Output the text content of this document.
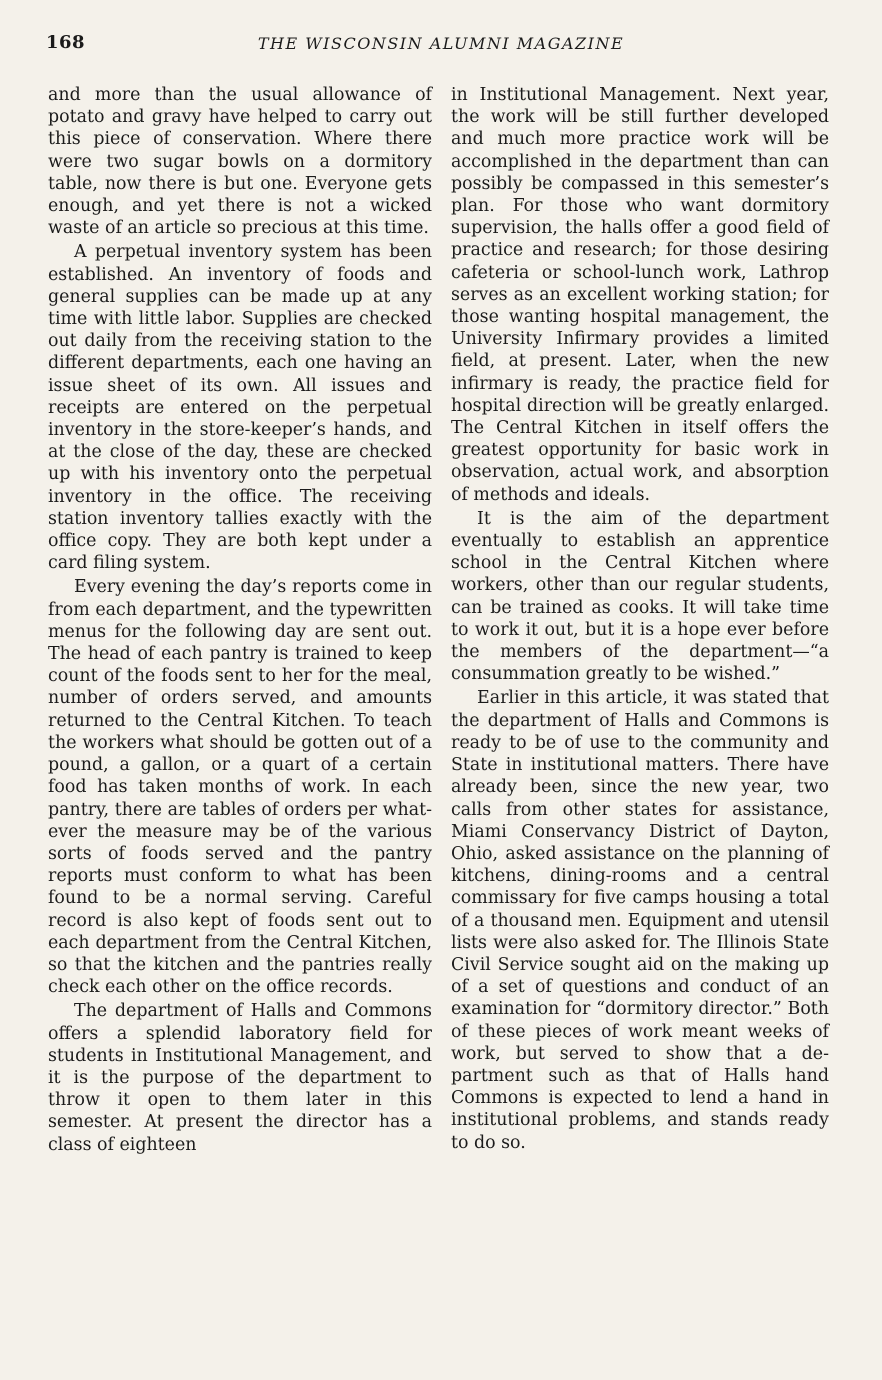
168	THE WISCONSIN ALUMNI MAGAZINE

and more than the usual allowance of potato and gravy have helped to carry out this piece of conservation. Where there were two sugar bowls on a dormitory table, now there is but one. Everyone gets enough, and yet there is not a wicked waste of an article so precious at this time.

A perpetual inventory system has been established. An inventory of foods and general supplies can be made up at any time with little labor. Supplies are checked out daily from the receiving station to the different departments, each one having an issue sheet of its own. All issues and receipts are entered on the perpetual inventory in the store-keeper’s hands, and at the close of the day, these are checked up with his inventory onto the perpetual inventory in the office. The receiving station inventory tallies exactly with the office copy. They are both kept under a card filing system.

Every evening the day’s reports come in from each department, and the typewritten menus for the following day are sent out. The head of each pantry is trained to keep count of the foods sent to her for the meal, number of orders served, and amounts returned to the Central Kitchen. To teach the workers what should be gotten out of a pound, a gallon, or a quart of a certain food has taken months of work. In each pantry, there are tables of orders per whatever the measure may be of the various sorts of foods served and the pantry reports must conform to what has been found to be a normal serving. Careful record is also kept of foods sent out to each department from the Central Kitchen, so that the kitchen and the pantries really check each other on the office records.

The department of Halls and Commons offers a splendid laboratory field for students in Institutional Management, and it is the purpose of the department to throw it open to them later in this semester. At present the director has a class of eighteen

in Institutional Management. Next year, the work will be still further developed and much more practice work will be accomplished in the department than can possibly be compassed in this semester’s plan. For those who want dormitory supervision, the halls offer a good field of practice and research; for those desiring cafeteria or school-lunch work, Lathrop serves as an excellent working station; for those wanting hospital management, the University Infirmary provides a limited field, at present. Later, when the new infirmary is ready, the practice field for hospital direction will be greatly enlarged. The Central Kitchen in itself offers the greatest opportunity for basic work in observation, actual work, and absorption of methods and ideals.

It is the aim of the department eventually to establish an apprentice school in the Central Kitchen where workers, other than our regular students, can be trained as cooks. It will take time to work it out, but it is a hope ever before the members of the department—“a consummation greatly to be wished.”

Earlier in this article, it was stated that the department of Halls and Commons is ready to be of use to the community and State in institutional matters. There have already been, since the new year, two calls from other states for assistance, Miami Conservancy District of Dayton, Ohio, asked assistance on the planning of kitchens, dining-rooms and a central commissary for five camps housing a total of a thousand men. Equipment and utensil lists were also asked for. The Illinois State Civil Service sought aid on the making up of a set of questions and conduct of an examination for “dormitory director.” Both of these pieces of work meant weeks of work, but served to show that a department such as that of Halls hand Commons is expected to lend a hand in institutional problems, and stands ready to do so.
